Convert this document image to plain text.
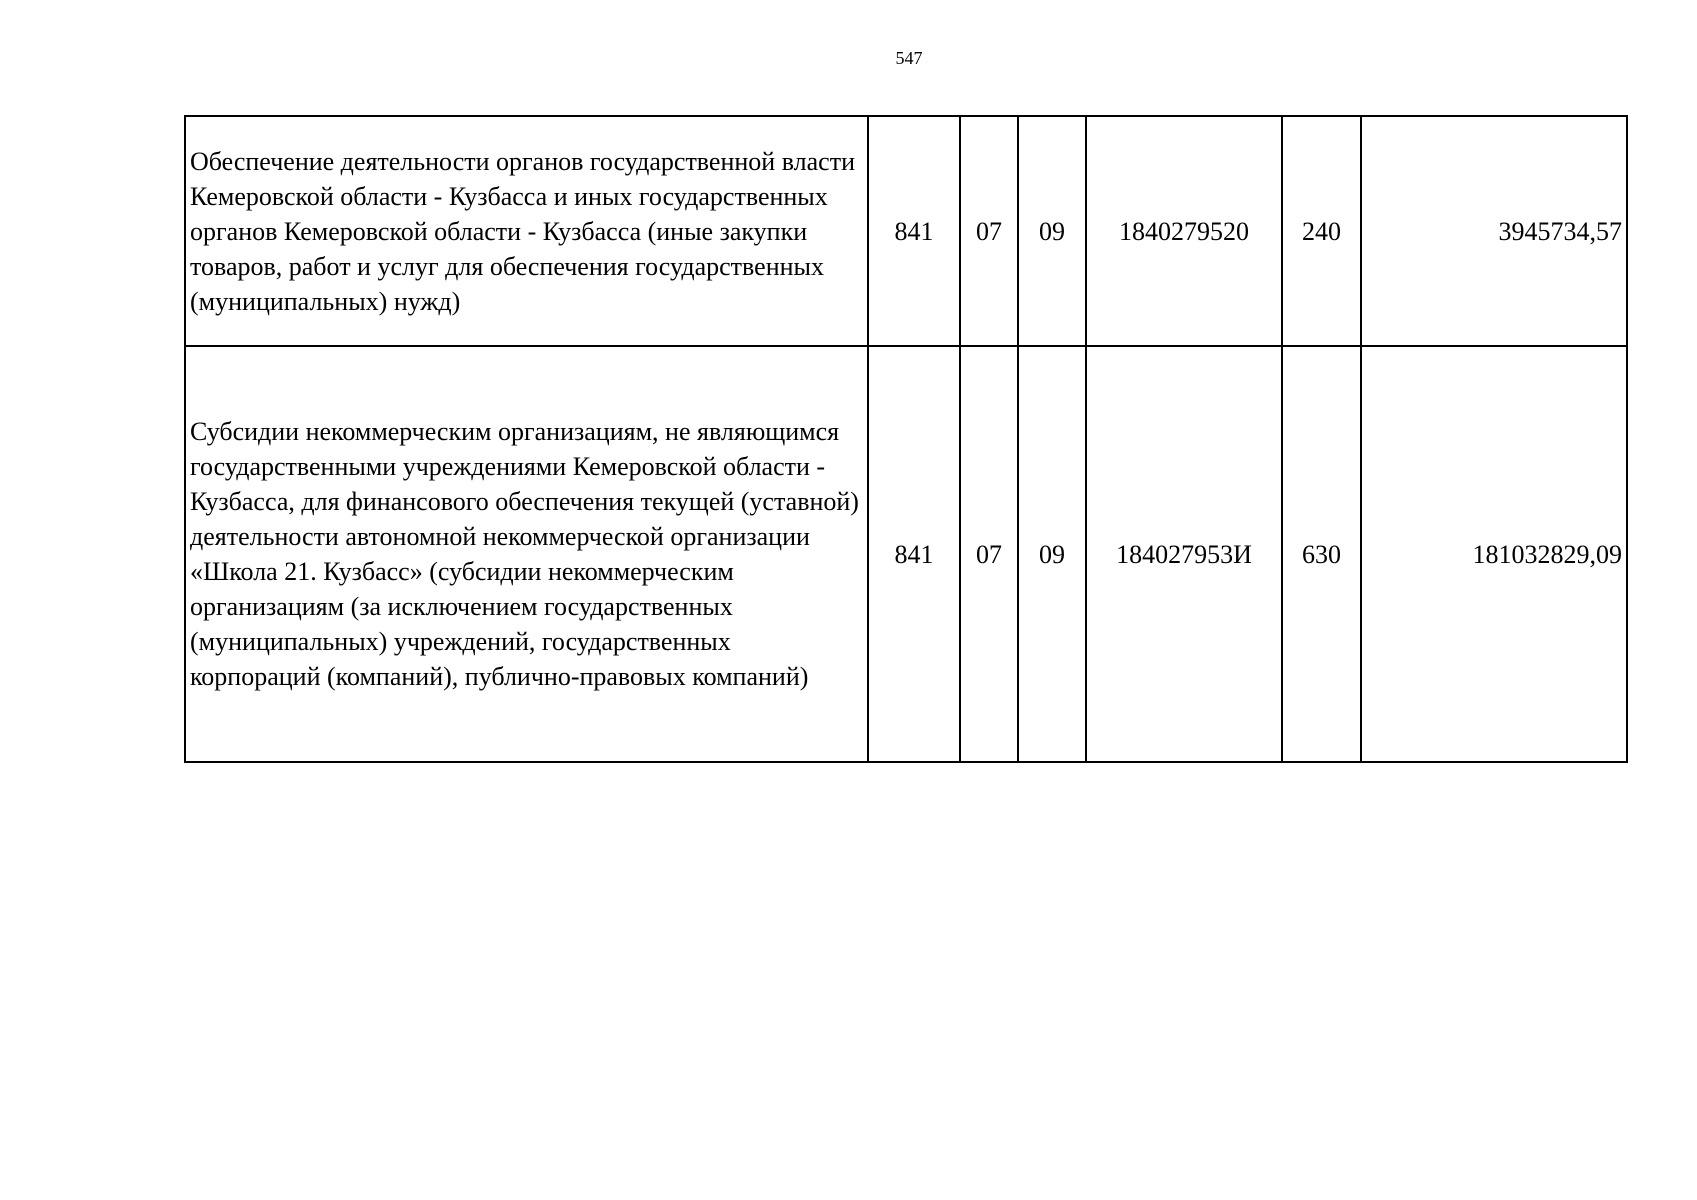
547
Обеспечение деятельности органов государственной власти Кемеровской области - Кузбасса и иных государственных органов Кемеровской области - Кузбасса (иные закупки товаров, работ и услуг для обеспечения государственных (муниципальных) нужд)	841	07	09	1840279520	240	3945734,57
Субсидии некоммерческим организациям, не являющимся государственными учреждениями Кемеровской области - Кузбасса, для финансового обеспечения текущей (уставной) деятельности автономной некоммерческой организации «Школа 21. Кузбасс» (субсидии некоммерческим организациям (за исключением государственных (муниципальных) учреждений, государственных корпораций (компаний), публично-правовых компаний)	841	07	09	184027953И	630	181032829,09
